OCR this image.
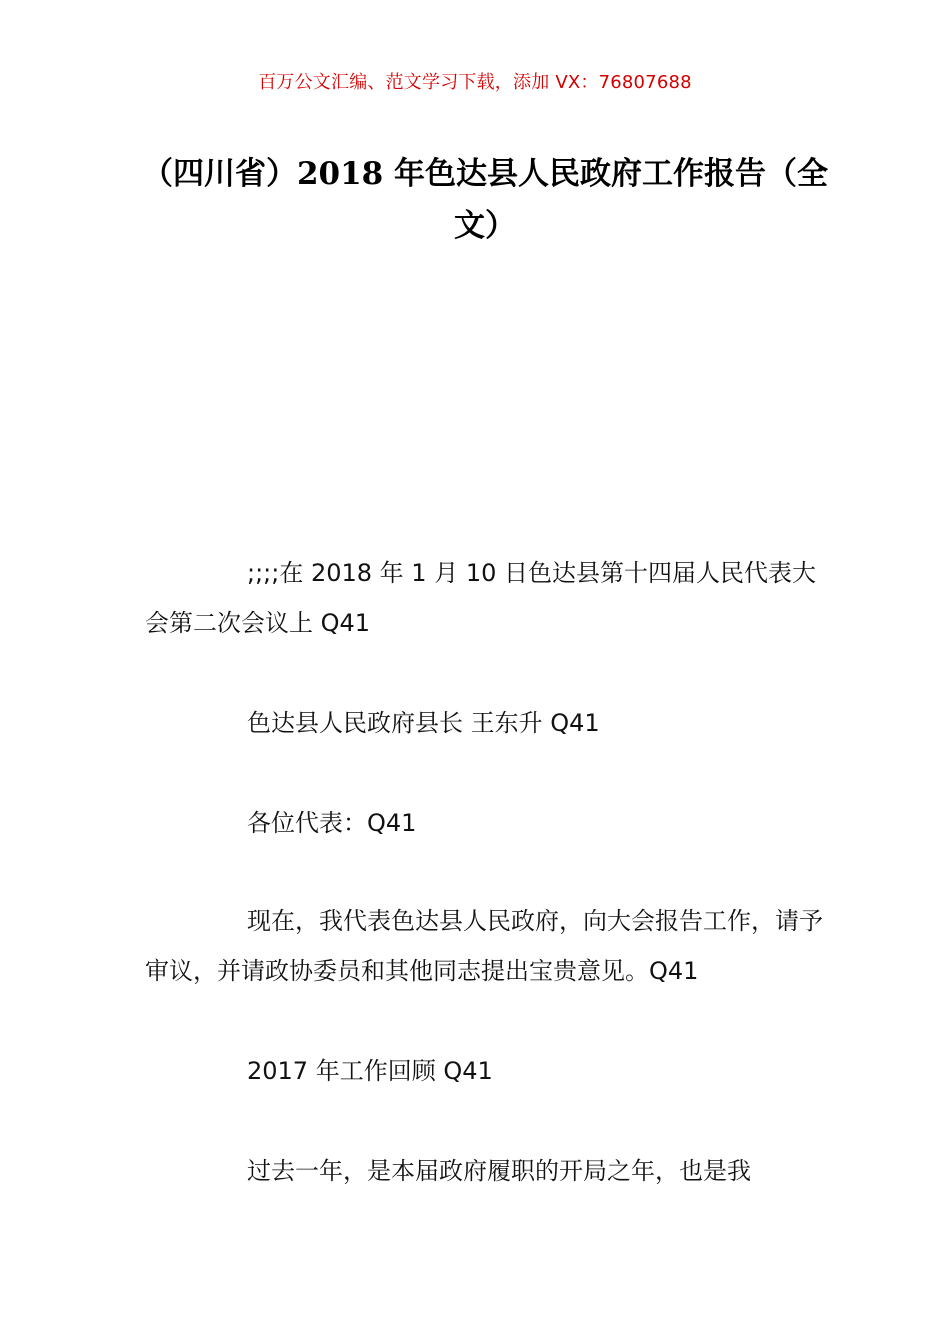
百万公文汇编、范文学习下载，添加 VX：76807688
（四川省）2018 年色达县人民政府工作报告（全文）
;;;;在 2018 年 1 月 10 日色达县第十四届人民代表大会第二次会议上 Q41
色达县人民政府县长 王东升 Q41
各位代表：Q41
现在，我代表色达县人民政府，向大会报告工作，请予审议，并请政协委员和其他同志提出宝贵意见。Q41
2017 年工作回顾 Q41
过去一年，是本届政府履职的开局之年，也是我
